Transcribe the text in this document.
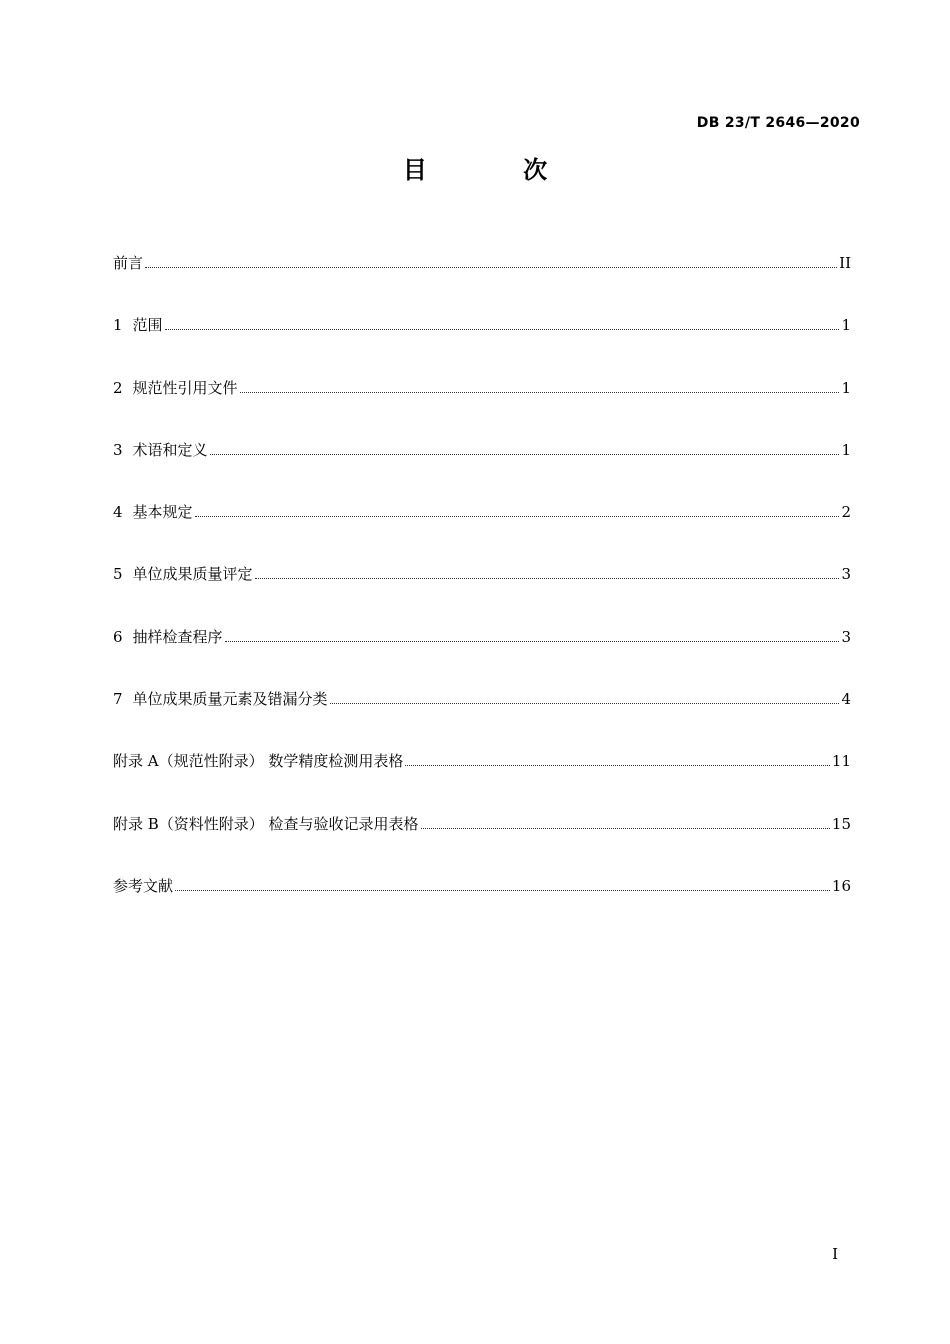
DB 23/T 2646—2020
目 次
前言	II
1 范围	1
2 规范性引用文件	1
3 术语和定义	1
4 基本规定	2
5 单位成果质量评定	3
6 抽样检查程序	3
7 单位成果质量元素及错漏分类	4
附录 A（规范性附录） 数学精度检测用表格	11
附录 B（资料性附录） 检查与验收记录用表格	15
参考文献	16
I
